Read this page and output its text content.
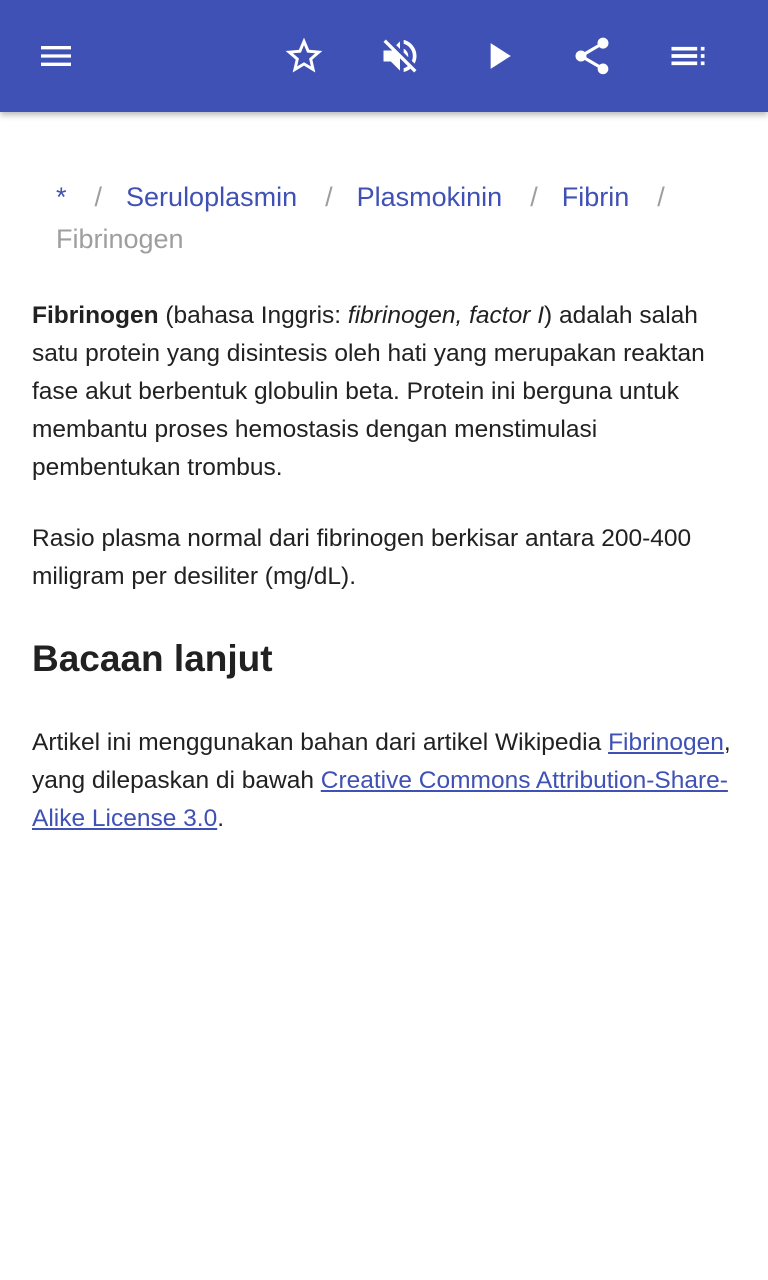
* / Seruloplasmin / Plasmokinin / Fibrin /
Fibrinogen

Fibrinogen (bahasa Inggris: fibrinogen, factor I) adalah salah satu protein yang disintesis oleh hati yang merupakan reaktan fase akut berbentuk globulin beta. Protein ini berguna untuk membantu proses hemostasis dengan menstimulasi pembentukan trombus.

Rasio plasma normal dari fibrinogen berkisar antara 200-400 miligram per desiliter (mg/dL).

Bacaan lanjut

Artikel ini menggunakan bahan dari artikel Wikipedia Fibrinogen, yang dilepaskan di bawah Creative Commons Attribution-Share-Alike License 3.0.
